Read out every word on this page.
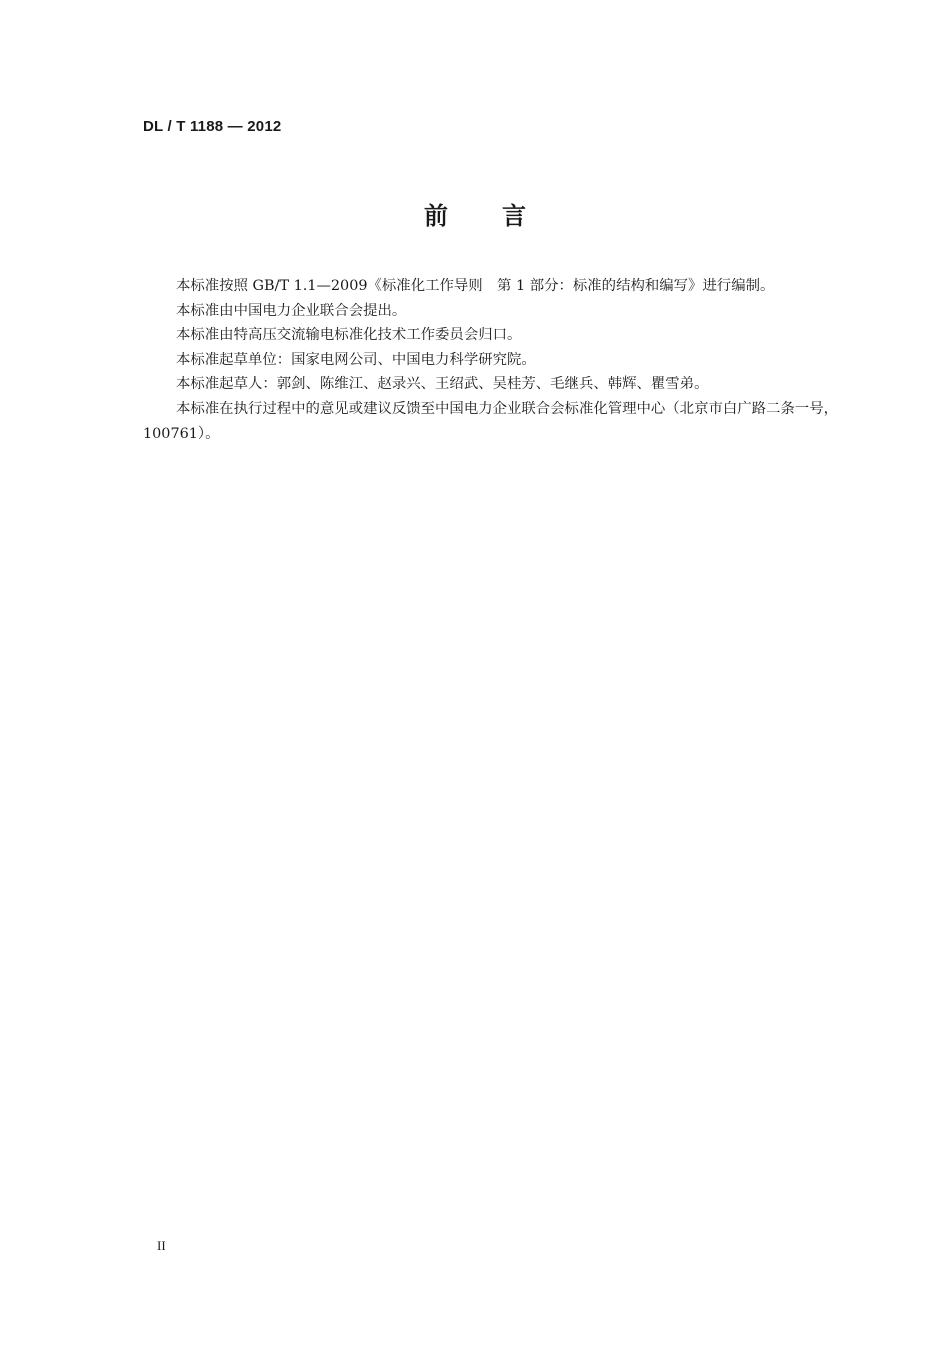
DL / T 1188 — 2012
前言

本标准按照 GB/T 1.1—2009《标准化工作导则　第 1 部分：标准的结构和编写》进行编制。

本标准由中国电力企业联合会提出。

本标准由特高压交流输电标准化技术工作委员会归口。

本标准起草单位：国家电网公司、中国电力科学研究院。

本标准起草人：郭剑、陈维江、赵录兴、王绍武、吴桂芳、毛继兵、韩辉、瞿雪弟。

本标准在执行过程中的意见或建议反馈至中国电力企业联合会标准化管理中心（北京市白广路二条一号，100761）。

II
